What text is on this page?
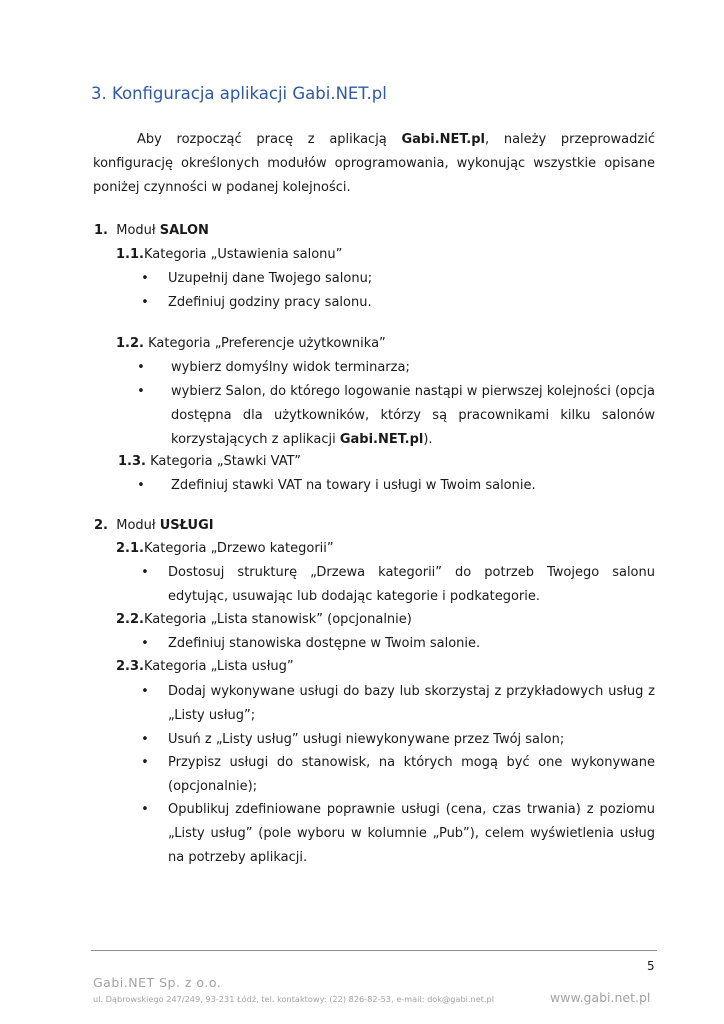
3. Konfiguracja aplikacji Gabi.NET.pl

Aby rozpocząć pracę z aplikacją Gabi.NET.pl, należy przeprowadzić konfigurację określonych modułów oprogramowania, wykonując wszystkie opisane poniżej czynności w podanej kolejności.

1. Moduł SALON
1.1.Kategoria „Ustawienia salonu”
• Uzupełnij dane Twojego salonu;
• Zdefiniuj godziny pracy salonu.
1.2. Kategoria „Preferencje użytkownika”
• wybierz domyślny widok terminarza;
• wybierz Salon, do którego logowanie nastąpi w pierwszej kolejności (opcja dostępna dla użytkowników, którzy są pracownikami kilku salonów korzystających z aplikacji Gabi.NET.pl).
1.3. Kategoria „Stawki VAT”
• Zdefiniuj stawki VAT na towary i usługi w Twoim salonie.
2. Moduł USŁUGI
2.1.Kategoria „Drzewo kategorii”
• Dostosuj strukturę „Drzewa kategorii” do potrzeb Twojego salonu edytując, usuwając lub dodając kategorie i podkategorie.
2.2.Kategoria „Lista stanowisk” (opcjonalnie)
• Zdefiniuj stanowiska dostępne w Twoim salonie.
2.3.Kategoria „Lista usług”
• Dodaj wykonywane usługi do bazy lub skorzystaj z przykładowych usług z „Listy usług”;
• Usuń z „Listy usług” usługi niewykonywane przez Twój salon;
• Przypisz usługi do stanowisk, na których mogą być one wykonywane (opcjonalnie);
• Opublikuj zdefiniowane poprawnie usługi (cena, czas trwania) z poziomu „Listy usług” (pole wyboru w kolumnie „Pub”), celem wyświetlenia usług na potrzeby aplikacji.
5
Gabi.NET Sp. z o.o.
ul. Dąbrowskiego 247/249, 93-231 Łódź, tel. kontaktowy: (22) 826-82-53, e-mail: dok@gabi.net.pl	www.gabi.net.pl
